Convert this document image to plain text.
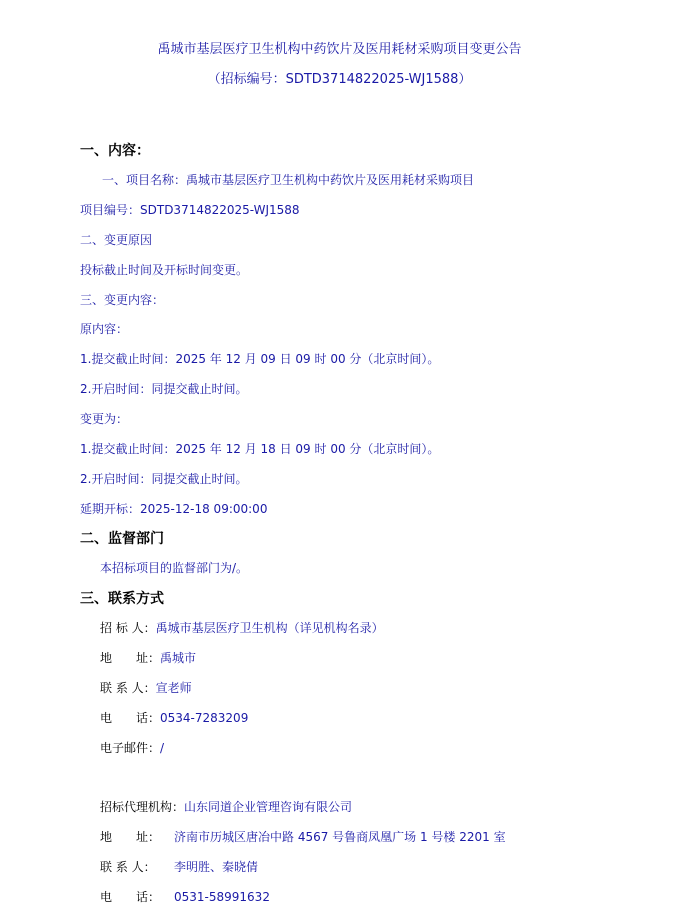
禹城市基层医疗卫生机构中药饮片及医用耗材采购项目变更公告
（招标编号：SDTD3714822025-WJ1588）
一、内容：
一、项目名称：禹城市基层医疗卫生机构中药饮片及医用耗材采购项目
项目编号：SDTD3714822025-WJ1588
二、变更原因
投标截止时间及开标时间变更。
三、变更内容：
原内容：
1.提交截止时间：2025 年 12 月 09 日 09 时 00 分（北京时间）。
2.开启时间：同提交截止时间。
变更为：
1.提交截止时间：2025 年 12 月 18 日 09 时 00 分（北京时间）。
2.开启时间：同提交截止时间。
延期开标：2025-12-18 09:00:00
二、监督部门
本招标项目的监督部门为/。
三、联系方式
招 标 人：禹城市基层医疗卫生机构（详见机构名录）
地　　址：禹城市
联 系 人：宣老师
电　　话：0534-7283209
电子邮件：/
招标代理机构：山东同道企业管理咨询有限公司
地　　址： 济南市历城区唐冶中路 4567 号鲁商凤凰广场 1 号楼 2201 室
联 系 人： 李明胜、秦晓倩
电　　话： 0531-58991632
